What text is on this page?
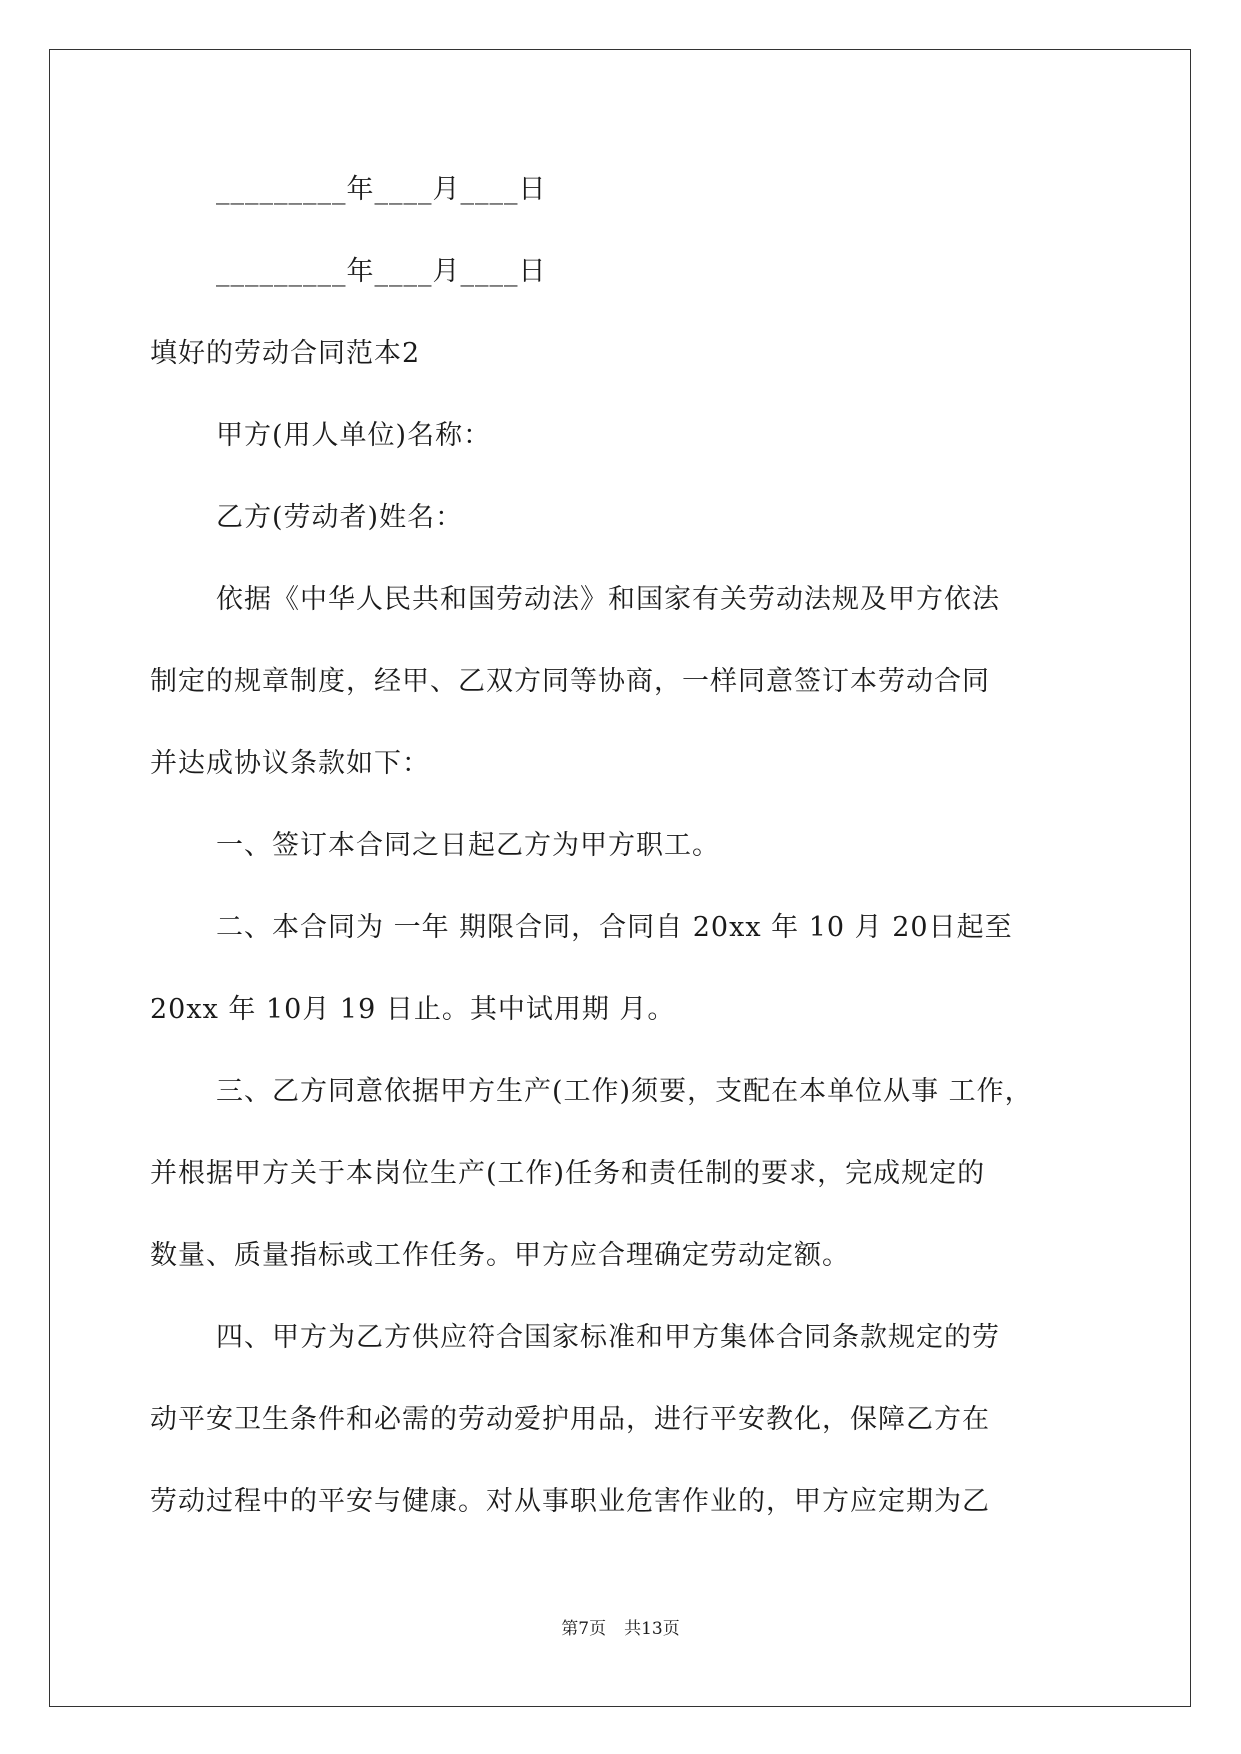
_________年____月____日
_________年____月____日
填好的劳动合同范本2
甲方(用人单位)名称：
乙方(劳动者)姓名：
依据《中华人民共和国劳动法》和国家有关劳动法规及甲方依法
制定的规章制度，经甲、乙双方同等协商，一样同意签订本劳动合同
并达成协议条款如下：
一、签订本合同之日起乙方为甲方职工。
二、本合同为 一年 期限合同，合同自 20xx 年 10 月 20日起至
20xx 年 10月 19 日止。其中试用期 月。
三、乙方同意依据甲方生产(工作)须要，支配在本单位从事 工作，
并根据甲方关于本岗位生产(工作)任务和责任制的要求，完成规定的
数量、质量指标或工作任务。甲方应合理确定劳动定额。
四、甲方为乙方供应符合国家标准和甲方集体合同条款规定的劳
动平安卫生条件和必需的劳动爱护用品，进行平安教化，保障乙方在
劳动过程中的平安与健康。对从事职业危害作业的，甲方应定期为乙
第7页 共13页
